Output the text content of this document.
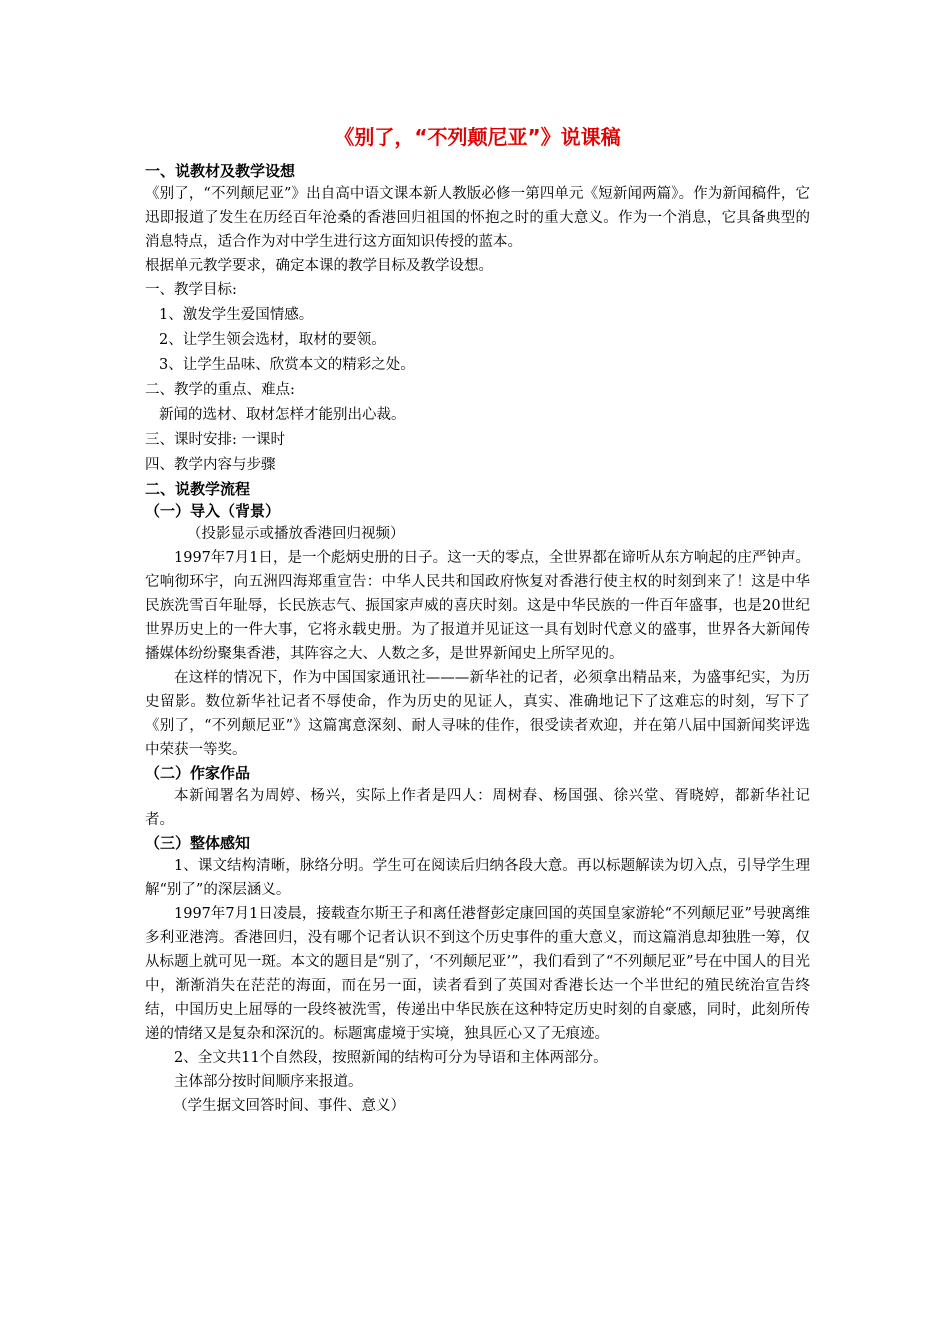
《别了，“不列颠尼亚”》说课稿
一、说教材及教学设想

《别了，“不列颠尼亚”》出自高中语文课本新人教版必修一第四单元《短新闻两篇》。作为新闻稿件，它迅即报道了发生在历经百年沧桑的香港回归祖国的怀抱之时的重大意义。作为一个消息，它具备典型的消息特点，适合作为对中学生进行这方面知识传授的蓝本。

根据单元教学要求，确定本课的教学目标及教学设想。

一、教学目标:

1、激发学生爱国情感。

2、让学生领会选材，取材的要领。

3、让学生品味、欣赏本文的精彩之处。

二、教学的重点、难点:

新闻的选材、取材怎样才能别出心裁。

三、课时安排: 一课时

四、教学内容与步骤

二、说教学流程
（一）导入（背景）

（投影显示或播放香港回归视频）

1997年7月1日，是一个彪炳史册的日子。这一天的零点，全世界都在谛听从东方响起的庄严钟声。它响彻环宇，向五洲四海郑重宣告：中华人民共和国政府恢复对香港行使主权的时刻到来了！这是中华民族洗雪百年耻辱，长民族志气、振国家声威的喜庆时刻。这是中华民族的一件百年盛事，也是20世纪世界历史上的一件大事，它将永载史册。为了报道并见证这一具有划时代意义的盛事，世界各大新闻传播媒体纷纷聚集香港，其阵容之大、人数之多，是世界新闻史上所罕见的。

在这样的情况下，作为中国国家通讯社———新华社的记者，必须拿出精品来，为盛事纪实，为历史留影。数位新华社记者不辱使命，作为历史的见证人，真实、准确地记下了这难忘的时刻，写下了《别了，“不列颠尼亚”》这篇寓意深刻、耐人寻味的佳作，很受读者欢迎，并在第八届中国新闻奖评选中荣获一等奖。

（二）作家作品

本新闻署名为周婷、杨兴，实际上作者是四人：周树春、杨国强、徐兴堂、胥晓婷，都新华社记者。

（三）整体感知

1、课文结构清晰，脉络分明。学生可在阅读后归纳各段大意。再以标题解读为切入点，引导学生理解“别了”的深层涵义。

1997年7月1日凌晨，接载查尔斯王子和离任港督彭定康回国的英国皇家游轮“不列颠尼亚”号驶离维多利亚港湾。香港回归，没有哪个记者认识不到这个历史事件的重大意义，而这篇消息却独胜一筹，仅从标题上就可见一斑。本文的题目是“别了，‘不列颠尼亚’”，我们看到了“不列颠尼亚”号在中国人的目光中，渐渐消失在茫茫的海面，而在另一面，读者看到了英国对香港长达一个半世纪的殖民统治宣告终结，中国历史上屈辱的一段终被洗雪，传递出中华民族在这种特定历史时刻的自豪感，同时，此刻所传递的情绪又是复杂和深沉的。标题寓虚境于实境，独具匠心又了无痕迹。

2、全文共11个自然段，按照新闻的结构可分为导语和主体两部分。

主体部分按时间顺序来报道。

（学生据文回答时间、事件、意义）
